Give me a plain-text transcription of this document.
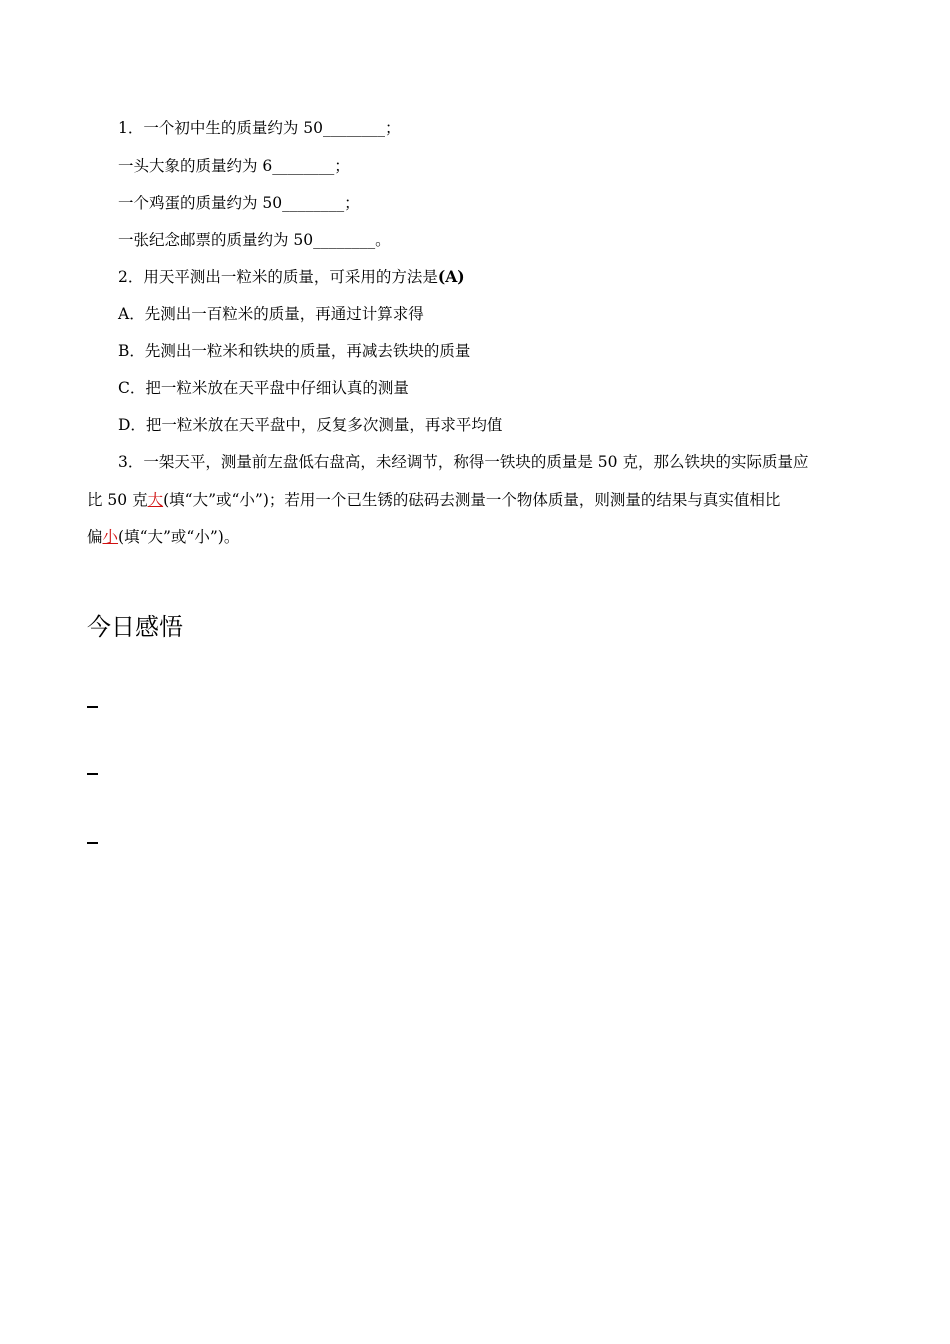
1．一个初中生的质量约为 50________；
一头大象的质量约为 6________；
一个鸡蛋的质量约为 50________；
一张纪念邮票的质量约为 50________。
2．用天平测出一粒米的质量，可采用的方法是(A)
A．先测出一百粒米的质量，再通过计算求得
B．先测出一粒米和铁块的质量，再减去铁块的质量
C．把一粒米放在天平盘中仔细认真的测量
D．把一粒米放在天平盘中，反复多次测量，再求平均值
3．一架天平，测量前左盘低右盘高，未经调节，称得一铁块的质量是 50 克，那么铁块的实际质量应
比 50 克大(填“大”或“小”)；若用一个已生锈的砝码去测量一个物体质量，则测量的结果与真实值相比
偏小(填“大”或“小”)。
今日感悟
